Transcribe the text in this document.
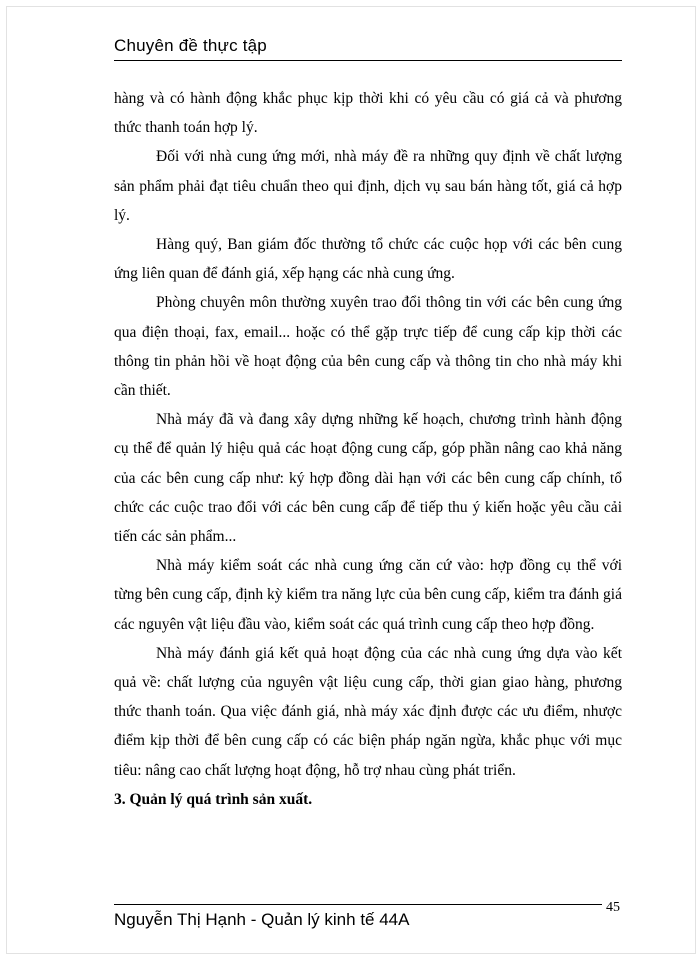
Chuyên đề thực tập

hàng và có hành động khắc phục kịp thời khi có yêu cầu có giá cả và phương thức thanh toán hợp lý.

Đối với nhà cung ứng mới, nhà máy đề ra những quy định về chất lượng sản phẩm phải đạt tiêu chuẩn theo qui định, dịch vụ sau bán hàng tốt, giá cả hợp lý.

Hàng quý, Ban giám đốc thường tổ chức các cuộc họp với các bên cung ứng liên quan để đánh giá, xếp hạng các nhà cung ứng.

Phòng chuyên môn thường xuyên trao đổi thông tin với các bên cung ứng qua điện thoại, fax, email... hoặc có thể gặp trực tiếp để cung cấp kịp thời các thông tin phản hồi về hoạt động của bên cung cấp và thông tin cho nhà máy khi cần thiết.

Nhà máy đã và đang xây dựng những kế hoạch, chương trình hành động cụ thể để quản lý hiệu quả các hoạt động cung cấp, góp phần nâng cao khả năng của các bên cung cấp như: ký hợp đồng dài hạn với các bên cung cấp chính, tổ chức các cuộc trao đổi với các bên cung cấp để tiếp thu ý kiến hoặc yêu cầu cải tiến các sản phẩm...

Nhà máy kiểm soát các nhà cung ứng căn cứ vào: hợp đồng cụ thể với từng bên cung cấp, định kỳ kiểm tra năng lực của bên cung cấp, kiểm tra đánh giá các nguyên vật liệu đầu vào, kiểm soát các quá trình cung cấp theo hợp đồng.

Nhà máy đánh giá kết quả hoạt động của các nhà cung ứng dựa vào kết quả về: chất lượng của nguyên vật liệu cung cấp, thời gian giao hàng, phương thức thanh toán. Qua việc đánh giá, nhà máy xác định được các ưu điểm, nhược điểm kịp thời để bên cung cấp có các biện pháp ngăn ngừa, khắc phục với mục tiêu: nâng cao chất lượng hoạt động, hỗ trợ nhau cùng phát triển.

3. Quản lý quá trình sản xuất.
Nguyễn Thị Hạnh - Quản lý kinh tế 44A
45
